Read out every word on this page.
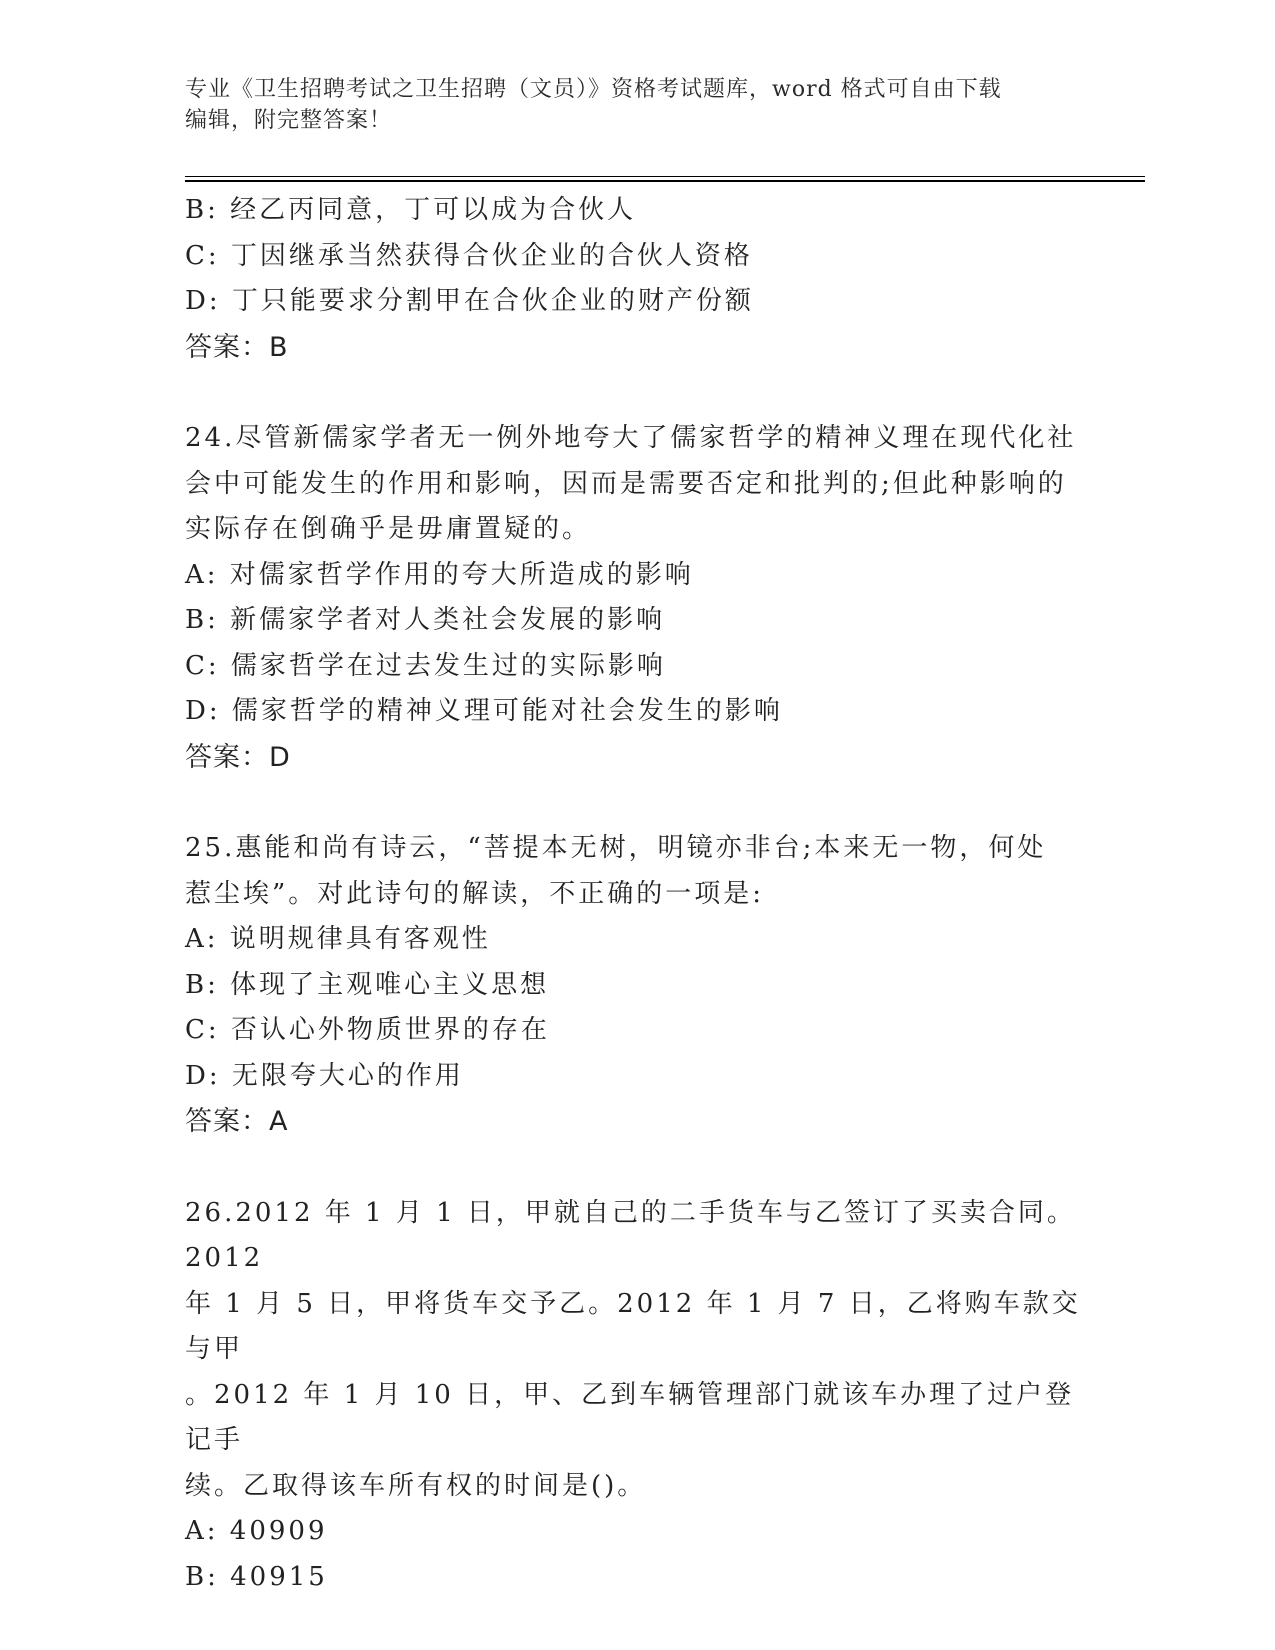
专业《卫生招聘考试之卫生招聘（文员）》资格考试题库，word 格式可自由下载
编辑，附完整答案！
B: 经乙丙同意，丁可以成为合伙人
C: 丁因继承当然获得合伙企业的合伙人资格
D: 丁只能要求分割甲在合伙企业的财产份额
答案：B
24.尽管新儒家学者无一例外地夸大了儒家哲学的精神义理在现代化社
会中可能发生的作用和影响，因而是需要否定和批判的;但此种影响的
实际存在倒确乎是毋庸置疑的。
A: 对儒家哲学作用的夸大所造成的影响
B: 新儒家学者对人类社会发展的影响
C: 儒家哲学在过去发生过的实际影响
D: 儒家哲学的精神义理可能对社会发生的影响
答案：D
25.惠能和尚有诗云，“菩提本无树，明镜亦非台;本来无一物，何处
惹尘埃”。对此诗句的解读，不正确的一项是:
A: 说明规律具有客观性
B: 体现了主观唯心主义思想
C: 否认心外物质世界的存在
D: 无限夸大心的作用
答案：A
26.2012 年 1 月 1 日，甲就自己的二手货车与乙签订了买卖合同。2012
年 1 月 5 日，甲将货车交予乙。2012 年 1 月 7 日，乙将购车款交与甲
。2012 年 1 月 10 日，甲、乙到车辆管理部门就该车办理了过户登记手
续。乙取得该车所有权的时间是()。
A: 40909
B: 40915
